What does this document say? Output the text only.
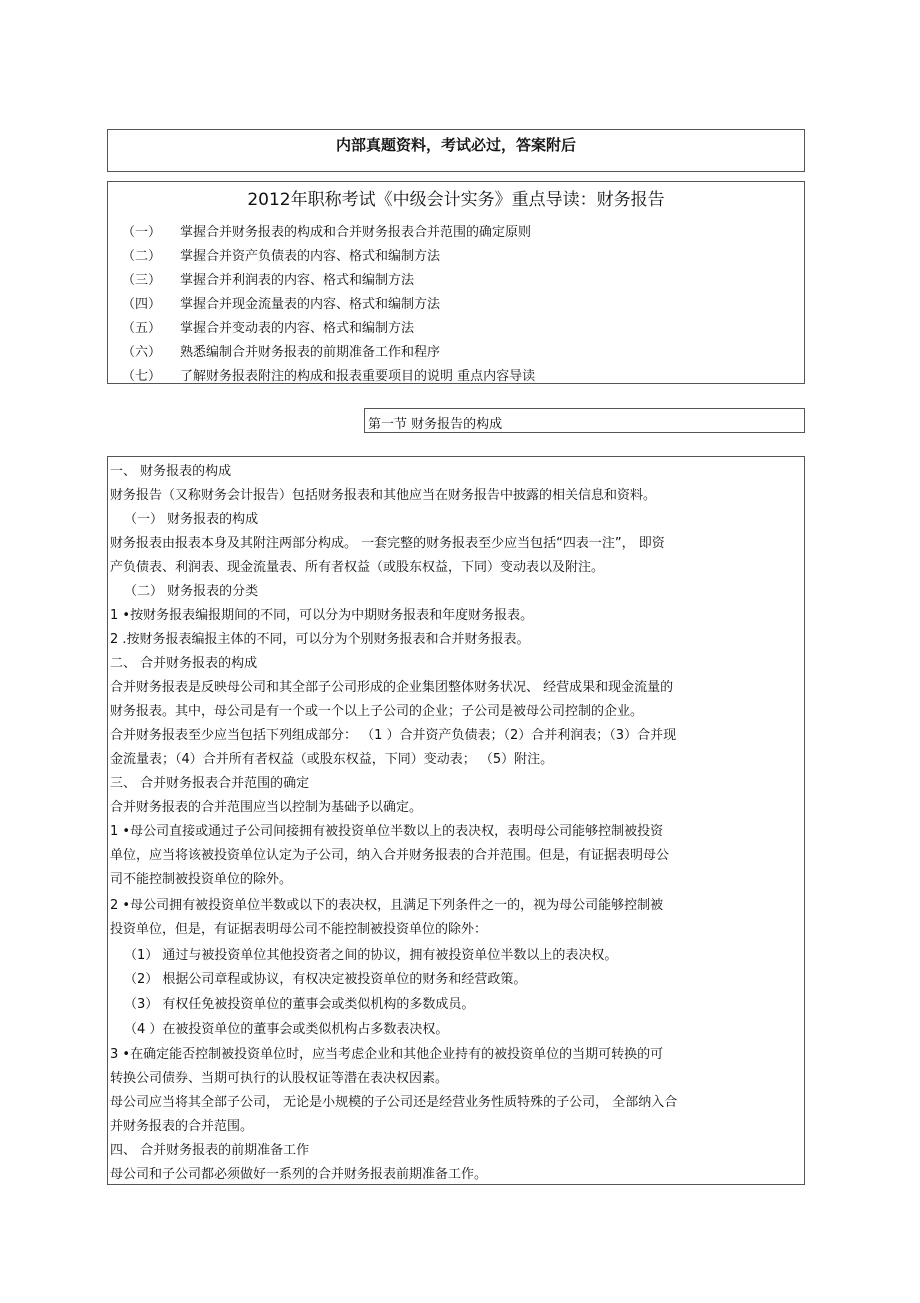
内部真题资料，考试必过，答案附后
2012年职称考试《中级会计实务》重点导读：财务报告
（一） 掌握合并财务报表的构成和合并财务报表合并范围的确定原则
（二） 掌握合并资产负债表的内容、格式和编制方法
（三） 掌握合并利润表的内容、格式和编制方法
（四） 掌握合并现金流量表的内容、格式和编制方法
（五） 掌握合并变动表的内容、格式和编制方法
（六） 熟悉编制合并财务报表的前期准备工作和程序
（七） 了解财务报表附注的构成和报表重要项目的说明 重点内容导读
第一节 财务报告的构成
一、 财务报表的构成
财务报告（又称财务会计报告）包括财务报表和其他应当在财务报告中披露的相关信息和资料。
（一） 财务报表的构成
财务报表由报表本身及其附注两部分构成。 一套完整的财务报表至少应当包括“四表一注”， 即资
产负债表、利润表、现金流量表、所有者权益（或股东权益，下同）变动表以及附注。
（二） 财务报表的分类
1 •按财务报表编报期间的不同，可以分为中期财务报表和年度财务报表。
2 .按财务报表编报主体的不同，可以分为个别财务报表和合并财务报表。
二、 合并财务报表的构成
合并财务报表是反映母公司和其全部子公司形成的企业集团整体财务状况、 经营成果和现金流量的
财务报表。其中，母公司是有一个或一个以上子公司的企业；子公司是被母公司控制的企业。
合并财务报表至少应当包括下列组成部分： （1 ）合并资产负债表；（2）合并利润表；（3）合并现
金流量表；（4）合并所有者权益（或股东权益，下同）变动表； （5）附注。
三、 合并财务报表合并范围的确定
合并财务报表的合并范围应当以控制为基础予以确定。
1 •母公司直接或通过子公司间接拥有被投资单位半数以上的表决权，表明母公司能够控制被投资
单位，应当将该被投资单位认定为子公司，纳入合并财务报表的合并范围。但是，有证据表明母公
司不能控制被投资单位的除外。
2 •母公司拥有被投资单位半数或以下的表决权，且满足下列条件之一的，视为母公司能够控制被
投资单位，但是，有证据表明母公司不能控制被投资单位的除外：
（1） 通过与被投资单位其他投资者之间的协议，拥有被投资单位半数以上的表决权。
（2） 根据公司章程或协议，有权决定被投资单位的财务和经营政策。
（3） 有权任免被投资单位的董事会或类似机构的多数成员。
（4 ）在被投资单位的董事会或类似机构占多数表决权。
3 •在确定能否控制被投资单位时，应当考虑企业和其他企业持有的被投资单位的当期可转换的可
转换公司债券、当期可执行的认股权证等潜在表决权因素。
母公司应当将其全部子公司， 无论是小规模的子公司还是经营业务性质特殊的子公司， 全部纳入合
并财务报表的合并范围。
四、 合并财务报表的前期准备工作
母公司和子公司都必须做好一系列的合并财务报表前期准备工作。
